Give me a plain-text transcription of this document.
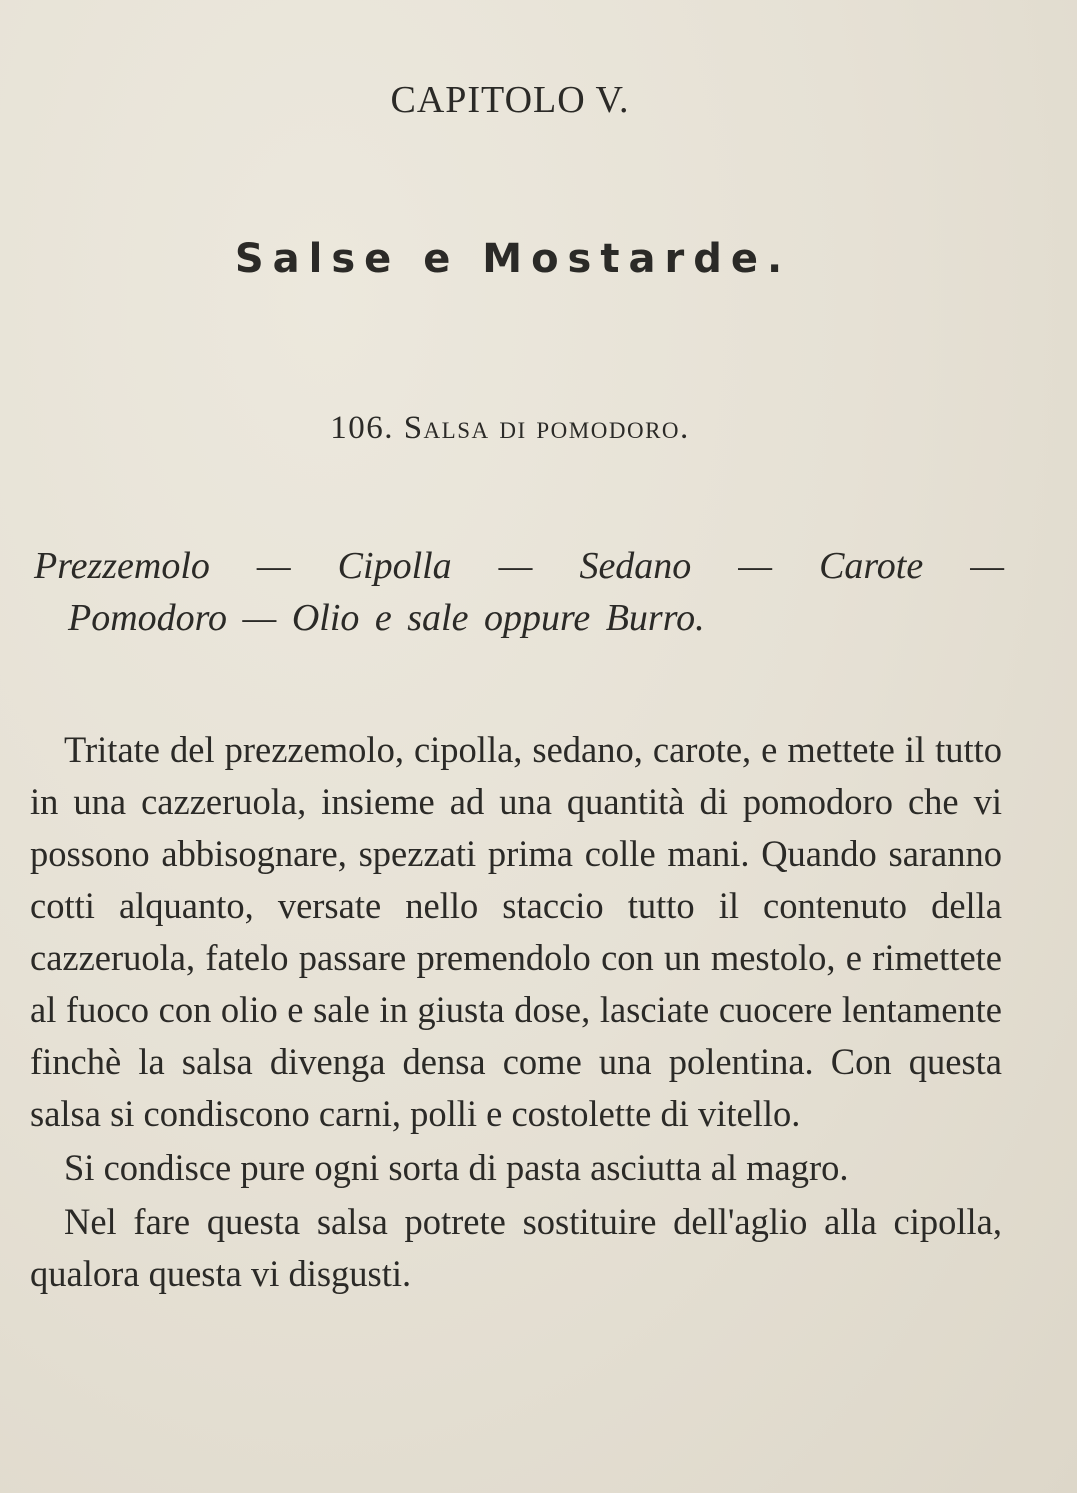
CAPITOLO V.
Salse e Mostarde.
106. Salsa di pomodoro.
Prezzemolo — Cipolla — Sedano — Carote —
Pomodoro — Olio e sale oppure Burro.

Tritate del prezzemolo, cipolla, sedano, carote, e mettete il tutto in una cazzeruola, insieme ad una quantità di pomodoro che vi possono abbisognare, spezzati prima colle mani. Quando saranno cotti alquanto, versate nello staccio tutto il contenuto della cazzeruola, fatelo passare premendolo con un mestolo, e rimettete al fuoco con olio e sale in giusta dose, lasciate cuocere lentamente finchè la salsa divenga densa come una polentina. Con questa salsa si condiscono carni, polli e costolette di vitello.

Si condisce pure ogni sorta di pasta asciutta al magro.

Nel fare questa salsa potrete sostituire dell'aglio alla cipolla, qualora questa vi disgusti.
